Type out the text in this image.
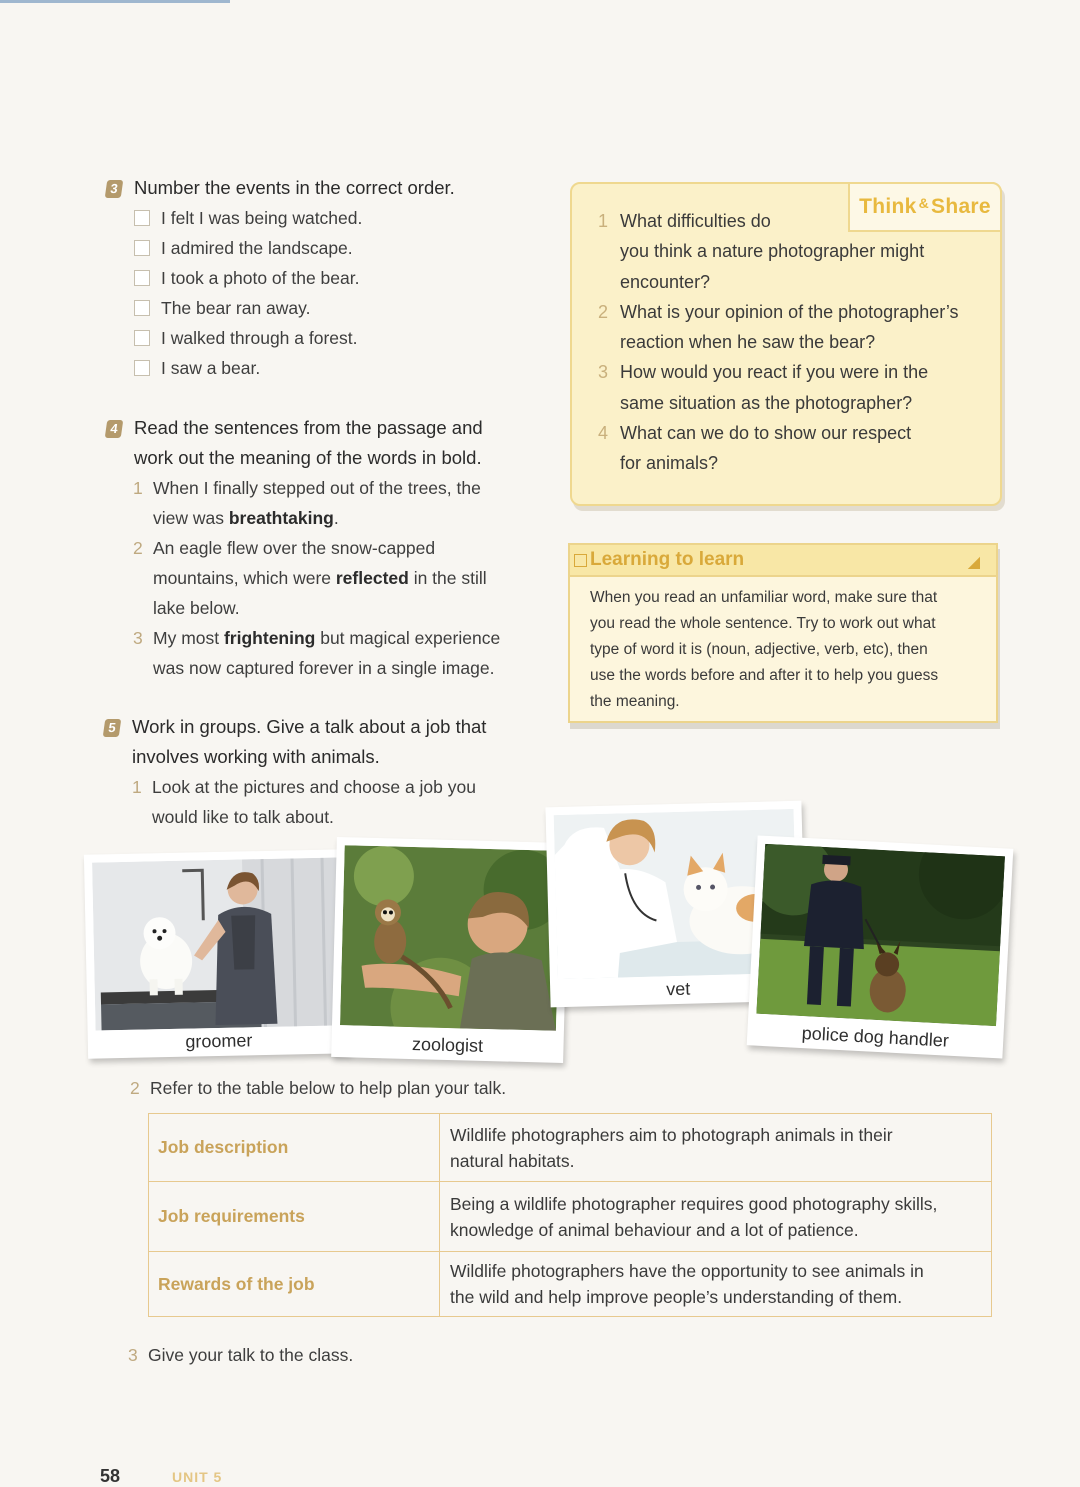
3 Number the events in the correct order.
I felt I was being watched.
I admired the landscape.
I took a photo of the bear.
The bear ran away.
I walked through a forest.
I saw a bear.
4 Read the sentences from the passage and
work out the meaning of the words in bold.
1 When I finally stepped out of the trees, the
view was breathtaking.
2 An eagle flew over the snow-capped
mountains, which were reflected in the still
lake below.
3 My most frightening but magical experience
was now captured forever in a single image.
5 Work in groups. Give a talk about a job that
involves working with animals.
1 Look at the pictures and choose a job you
would like to talk about.
Think & Share
1 What difficulties do
you think a nature photographer might
encounter?
2 What is your opinion of the photographer’s
reaction when he saw the bear?
3 How would you react if you were in the
same situation as the photographer?
4 What can we do to show our respect
for animals?
Learning to learn	◢
When you read an unfamiliar word, make sure that
you read the whole sentence. Try to work out what
type of word it is (noun, adjective, verb, etc), then
use the words before and after it to help you guess
the meaning.
groomer	zoologist
vet
police dog handler
2 Refer to the table below to help plan your talk.
Job description	Wildlife photographers aim to photograph animals in their
natural habitats.

Job requirements	Being a wildlife photographer requires good photography skills,
knowledge of animal behaviour and a lot of patience.

Rewards of the job	Wildlife photographers have the opportunity to see animals in
the wild and help improve people’s understanding of them.
3 Give your talk to the class.
58	UNIT 5
